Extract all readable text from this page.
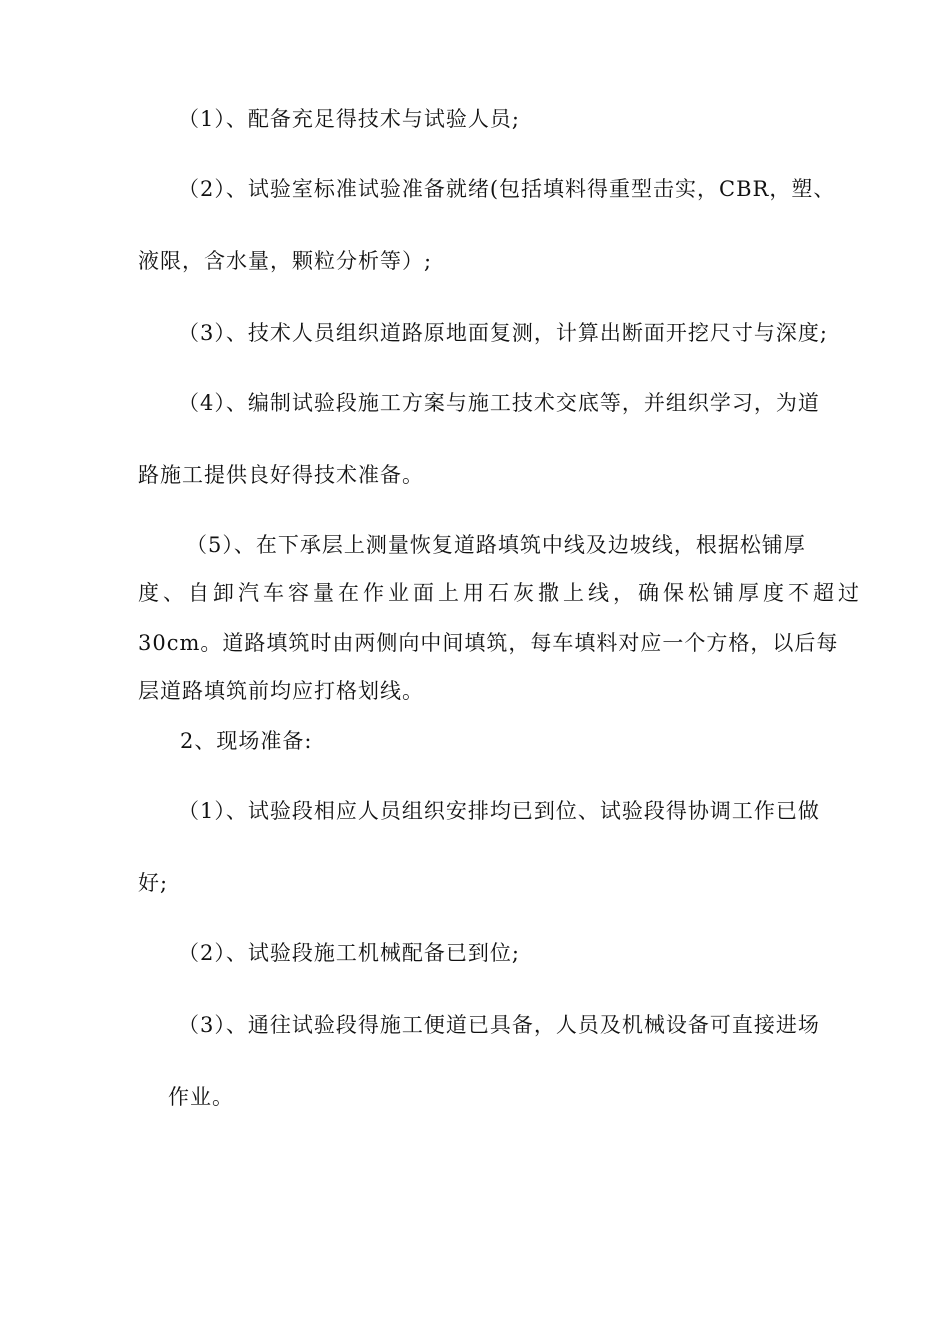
（1）、配备充足得技术与试验人员;
（2）、试验室标准试验准备就绪(包括填料得重型击实，CBR，塑、
液限，含水量，颗粒分析等）;
（3）、技术人员组织道路原地面复测，计算出断面开挖尺寸与深度;
（4）、编制试验段施工方案与施工技术交底等，并组织学习，为道
路施工提供良好得技术准备。
（5）、在下承层上测量恢复道路填筑中线及边坡线，根据松铺厚
度、自卸汽车容量在作业面上用石灰撒上线，确保松铺厚度不超过
30cm。道路填筑时由两侧向中间填筑，每车填料对应一个方格，以后每
层道路填筑前均应打格划线。
2、现场准备:
（1）、试验段相应人员组织安排均已到位、试验段得协调工作已做
好;
（2）、试验段施工机械配备已到位;
（3）、通往试验段得施工便道已具备，人员及机械设备可直接进场
作业。
